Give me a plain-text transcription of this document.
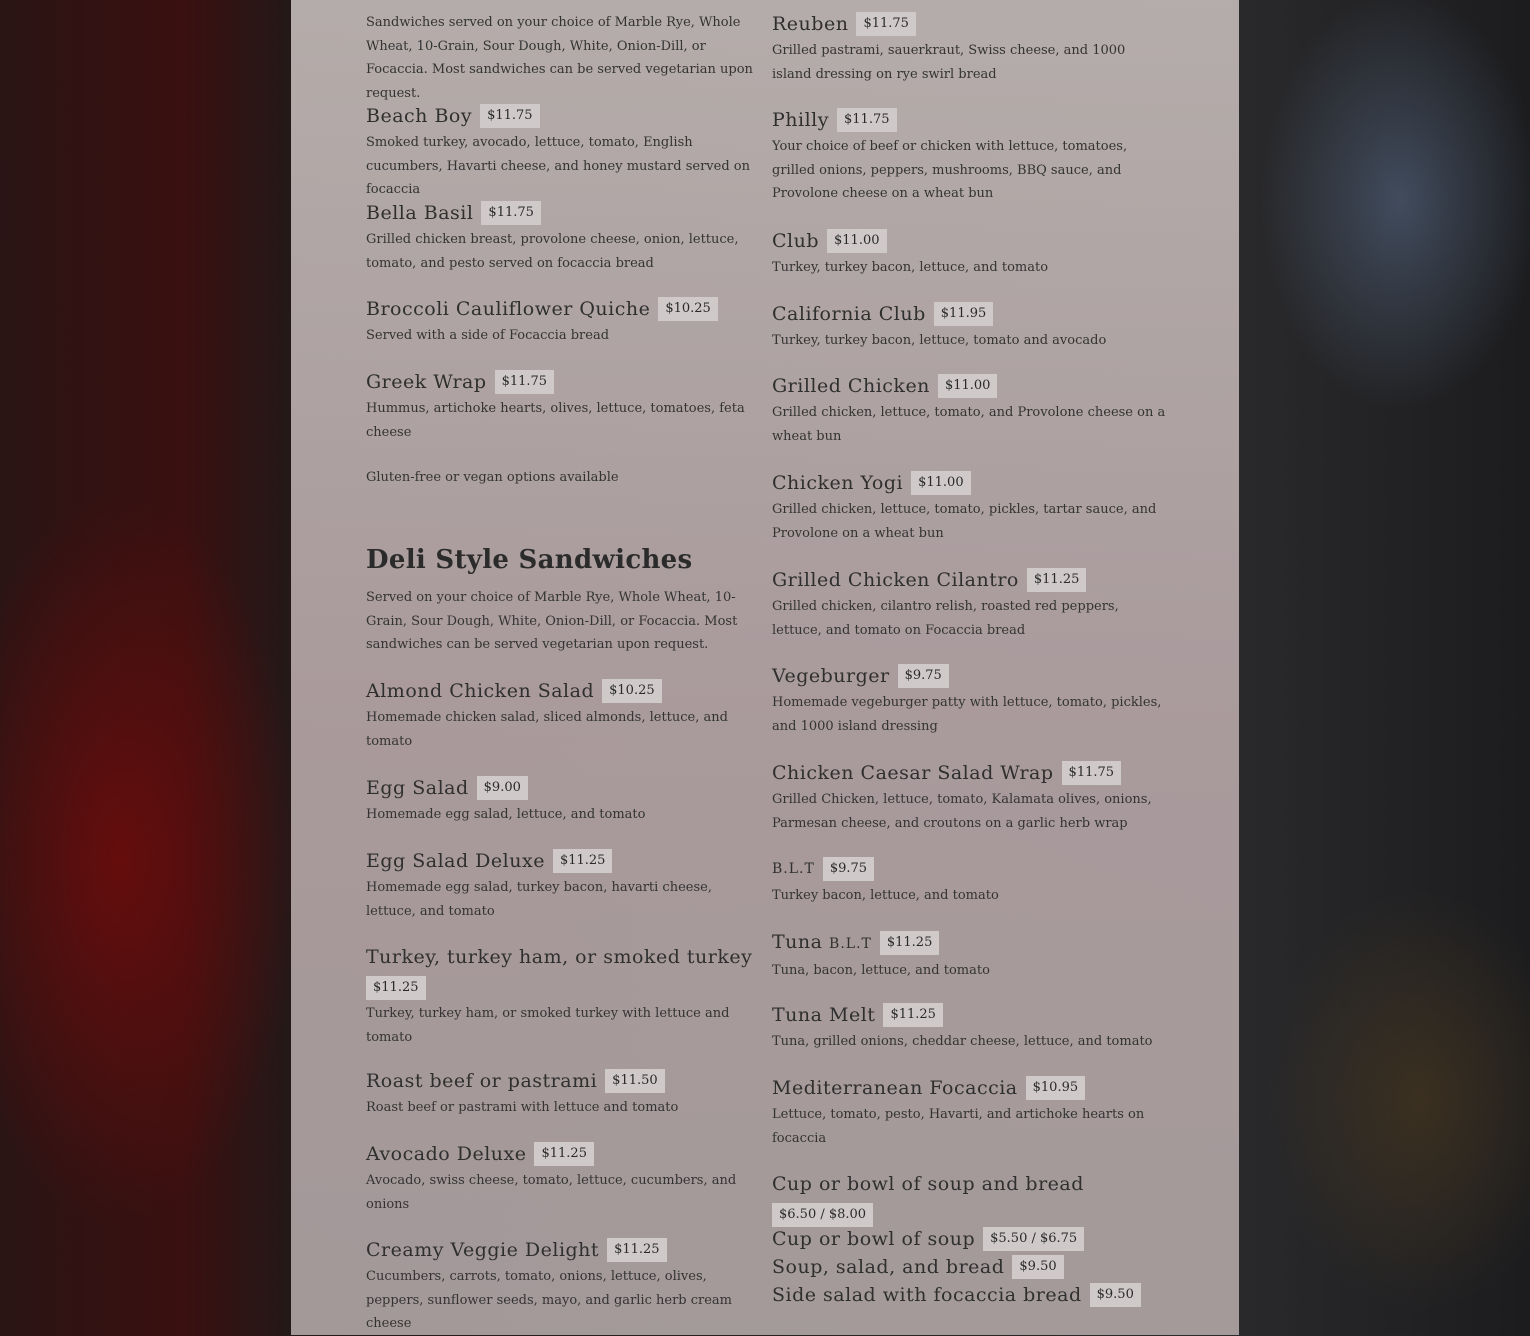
Sandwiches served on your choice of Marble Rye, Whole Wheat, 10-Grain, Sour Dough, White, Onion-Dill, or Focaccia. Most sandwiches can be served vegetarian upon request.
Beach Boy	$11.75
Smoked turkey, avocado, lettuce, tomato, English cucumbers, Havarti cheese, and honey mustard served on focaccia
Bella Basil	$11.75
Grilled chicken breast, provolone cheese, onion, lettuce, tomato, and pesto served on focaccia bread
Broccoli Cauliflower Quiche	$10.25
Served with a side of Focaccia bread
Greek Wrap	$11.75
Hummus, artichoke hearts, olives, lettuce, tomatoes, feta cheese
Gluten-free or vegan options available
Deli Style Sandwiches
Served on your choice of Marble Rye, Whole Wheat, 10-Grain, Sour Dough, White, Onion-Dill, or Focaccia. Most sandwiches can be served vegetarian upon request.
Almond Chicken Salad	$10.25
Homemade chicken salad, sliced almonds, lettuce, and tomato
Egg Salad	$9.00
Homemade egg salad, lettuce, and tomato
Egg Salad Deluxe	$11.25
Homemade egg salad, turkey bacon, havarti cheese, lettuce, and tomato
Turkey, turkey ham, or smoked turkey
$11.25
Turkey, turkey ham, or smoked turkey with lettuce and tomato
Roast beef or pastrami	$11.50
Roast beef or pastrami with lettuce and tomato
Avocado Deluxe	$11.25
Avocado, swiss cheese, tomato, lettuce, cucumbers, and onions
Creamy Veggie Delight	$11.25
Cucumbers, carrots, tomato, onions, lettuce, olives, peppers, sunflower seeds, mayo, and garlic herb cream cheese
Reuben	$11.75
Grilled pastrami, sauerkraut, Swiss cheese, and 1000 island dressing on rye swirl bread
Philly	$11.75
Your choice of beef or chicken with lettuce, tomatoes, grilled onions, peppers, mushrooms, BBQ sauce, and Provolone cheese on a wheat bun
Club	$11.00
Turkey, turkey bacon, lettuce, and tomato
California Club	$11.95
Turkey, turkey bacon, lettuce, tomato and avocado
Grilled Chicken	$11.00
Grilled chicken, lettuce, tomato, and Provolone cheese on a wheat bun
Chicken Yogi	$11.00
Grilled chicken, lettuce, tomato, pickles, tartar sauce, and Provolone on a wheat bun
Grilled Chicken Cilantro	$11.25
Grilled chicken, cilantro relish, roasted red peppers, lettuce, and tomato on Focaccia bread
Vegeburger	$9.75
Homemade vegeburger patty with lettuce, tomato, pickles, and 1000 island dressing
Chicken Caesar Salad Wrap	$11.75
Grilled Chicken, lettuce, tomato, Kalamata olives, onions, Parmesan cheese, and croutons on a garlic herb wrap
B.L.T	$9.75
Turkey bacon, lettuce, and tomato
Tuna B.L.T	$11.25
Tuna, bacon, lettuce, and tomato
Tuna Melt	$11.25
Tuna, grilled onions, cheddar cheese, lettuce, and tomato
Mediterranean Focaccia	$10.95
Lettuce, tomato, pesto, Havarti, and artichoke hearts on focaccia
Cup or bowl of soup and bread
$6.50 / $8.00
Cup or bowl of soup	$5.50 / $6.75
Soup, salad, and bread	$9.50
Side salad with focaccia bread	$9.50
